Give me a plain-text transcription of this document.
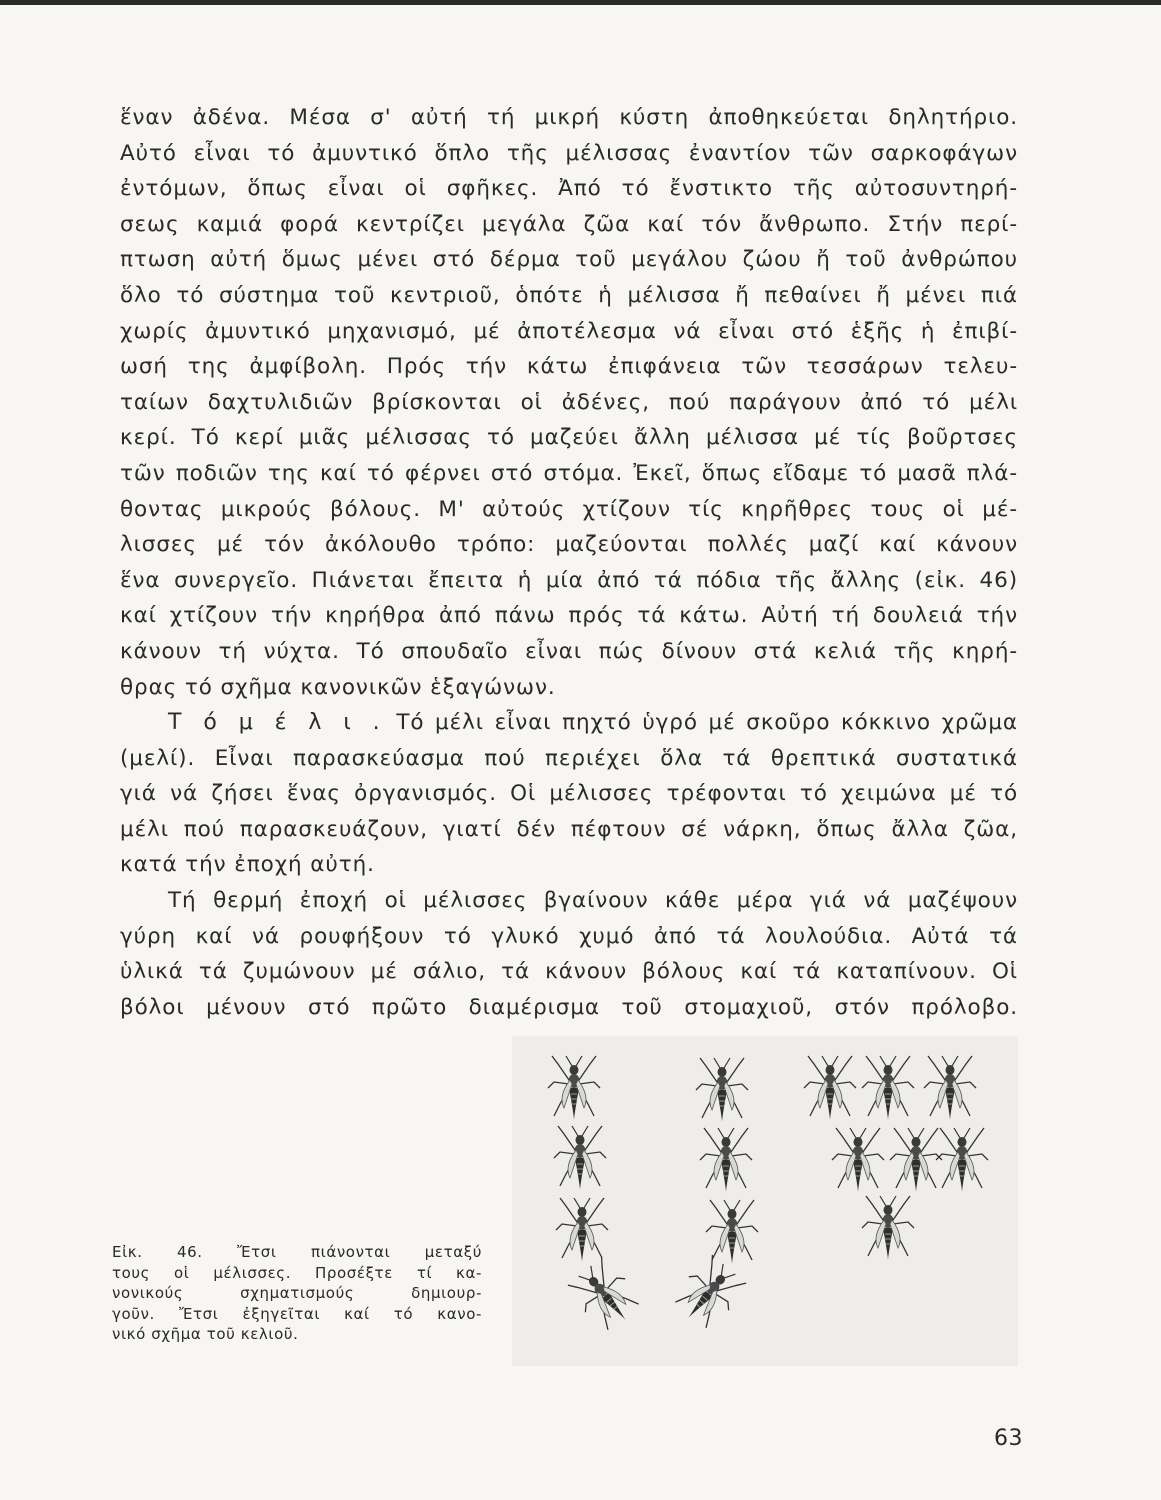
ἕναν ἀδένα. Μέσα σ' αὐτή τή μικρή κύστη ἀποθηκεύεται δηλητήριο.
Αὐτό εἶναι τό ἀμυντικό ὅπλο τῆς μέλισσας ἐναντίον τῶν σαρκοφάγων
ἐντόμων, ὅπως εἶναι οἱ σφῆκες. Ἀπό τό ἔνστικτο τῆς αὐτοσυντηρή-
σεως καμιά φορά κεντρίζει μεγάλα ζῶα καί τόν ἄνθρωπο. Στήν περί-
πτωση αὐτή ὅμως μένει στό δέρμα τοῦ μεγάλου ζώου ἤ τοῦ ἀνθρώπου
ὅλο τό σύστημα τοῦ κεντριοῦ, ὁπότε ἡ μέλισσα ἤ πεθαίνει ἤ μένει πιά
χωρίς ἀμυντικό μηχανισμό, μέ ἀποτέλεσμα νά εἶναι στό ἑξῆς ἡ ἐπιβί-
ωσή της ἀμφίβολη. Πρός τήν κάτω ἐπιφάνεια τῶν τεσσάρων τελευ-
ταίων δαχτυλιδιῶν βρίσκονται οἱ ἀδένες, πού παράγουν ἀπό τό μέλι
κερί. Τό κερί μιᾶς μέλισσας τό μαζεύει ἄλλη μέλισσα μέ τίς βοῦρτσες
τῶν ποδιῶν της καί τό φέρνει στό στόμα. Ἐκεῖ, ὅπως εἴδαμε τό μασᾶ πλά-
θοντας μικρούς βόλους. Μ' αὐτούς χτίζουν τίς κηρῆθρες τους οἱ μέ-
λισσες μέ τόν ἀκόλουθο τρόπο: μαζεύονται πολλές μαζί καί κάνουν
ἕνα συνεργεῖο. Πιάνεται ἔπειτα ἡ μία ἀπό τά πόδια τῆς ἄλλης (εἰκ. 46)
καί χτίζουν τήν κηρήθρα ἀπό πάνω πρός τά κάτω. Αὐτή τή δουλειά τήν
κάνουν τή νύχτα. Τό σπουδαῖο εἶναι πώς δίνουν στά κελιά τῆς κηρή-
θρας τό σχῆμα κανονικῶν ἑξαγώνων.
Τ ό μ έ λ ι . Τό μέλι εἶναι πηχτό ὑγρό μέ σκοῦρο κόκκινο χρῶμα
(μελί). Εἶναι παρασκεύασμα πού περιέχει ὅλα τά θρεπτικά συστατικά
γιά νά ζήσει ἕνας ὀργανισμός. Οἱ μέλισσες τρέφονται τό χειμώνα μέ τό
μέλι πού παρασκευάζουν, γιατί δέν πέφτουν σέ νάρκη, ὅπως ἄλλα ζῶα,
κατά τήν ἐποχή αὐτή.
Τή θερμή ἐποχή οἱ μέλισσες βγαίνουν κάθε μέρα γιά νά μαζέψουν
γύρη καί νά ρουφήξουν τό γλυκό χυμό ἀπό τά λουλούδια. Αὐτά τά
ὑλικά τά ζυμώνουν μέ σάλιο, τά κάνουν βόλους καί τά καταπίνουν. Οἱ
βόλοι μένουν στό πρῶτο διαμέρισμα τοῦ στομαχιοῦ, στόν πρόλοβο.
Εἰκ. 46. Ἔτσι πιάνονται μεταξύ
τους οἱ μέλισσες. Προσέξτε τί κα-
νονικούς σχηματισμούς δημιουρ-
γοῦν. Ἔτσι ἐξηγεῖται καί τό κανο-
νικό σχῆμα τοῦ κελιοῦ.
63
